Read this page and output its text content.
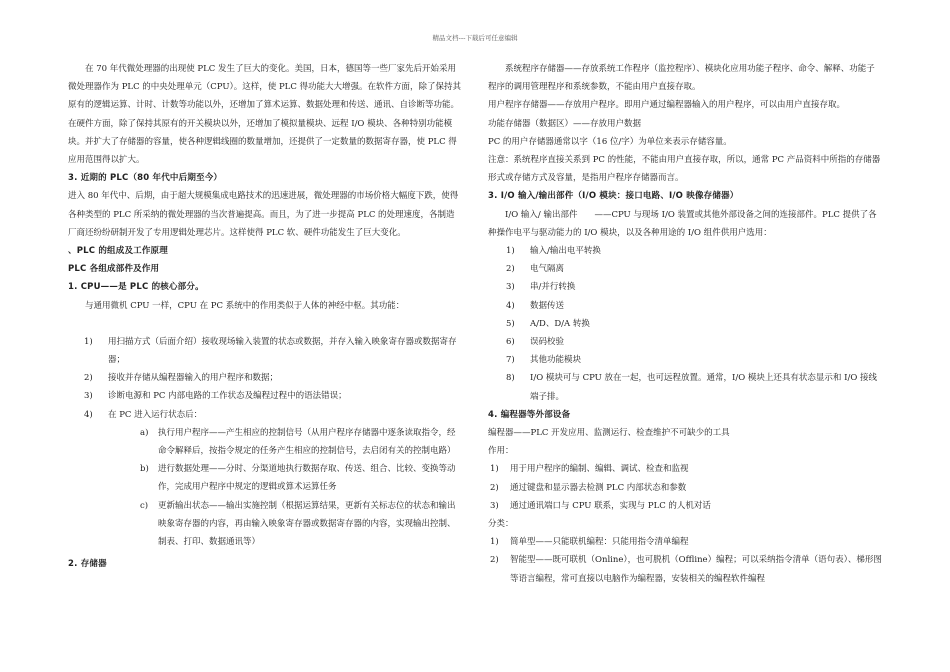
精品文档---下载后可任意编辑

在 70 年代微处理器的出现使 PLC 发生了巨大的变化。美国，日本，德国等一些厂家先后开始采用微处理器作为 PLC 的中央处理单元（CPU）。这样，使 PLC 得功能大大增强。在软件方面，除了保持其原有的逻辑运算、计时、计数等功能以外，还增加了算术运算、数据处理和传送、通讯、自诊断等功能。在硬件方面，除了保持其原有的开关模块以外，还增加了模拟量模块、远程 I/O 模块、各种特别功能模块。并扩大了存储器的容量，使各种逻辑线圈的数量增加，还提供了一定数量的数据寄存器，使 PLC 得应用范围得以扩大。

3. 近期的 PLC（80 年代中后期至今）

进入 80 年代中、后期，由于超大规模集成电路技术的迅速进展，微处理器的市场价格大幅度下跌，使得各种类型的 PLC 所采纳的微处理器的当次普遍提高。而且，为了进一步提高 PLC 的处理速度，各制造厂商还纷纷研制开发了专用逻辑处理芯片。这样使得 PLC 软、硬件功能发生了巨大变化。

、PLC 的组成及工作原理
PLC 各组成部件及作用
1. CPU——是 PLC 的核心部分。

与通用微机 CPU 一样，CPU 在 PC 系统中的作用类似于人体的神经中枢。其功能：

1)	用扫描方式（后面介绍）接收现场输入装置的状态或数据，并存入输入映象寄存器或数据寄存器；
2)	接收并存储从编程器输入的用户程序和数据；
3)	诊断电源和 PC 内部电路的工作状态及编程过程中的语法错误；
4)	在 PC 进入运行状态后：
a)	执行用户程序——产生相应的控制信号（从用户程序存储器中逐条读取指令，经命令解释后，按指令规定的任务产生相应的控制信号，去启闭有关的控制电路）
b)	进行数据处理——分时、分渠道地执行数据存取、传送、组合、比较、变换等动作，完成用户程序中规定的逻辑或算术运算任务
c)	更新输出状态——输出实施控制（根据运算结果，更新有关标志位的状态和输出映象寄存器的内容，再由输入映象寄存器或数据寄存器的内容，实现输出控制、制表、打印、数据通讯等）
2. 存储器

系统程序存储器——存放系统工作程序（监控程序）、模块化应用功能子程序、命令、解释、功能子程序的调用管理程序和系统参数，不能由用户直接存取。

用户程序存储器——存放用户程序。即用户通过编程器输入的用户程序，可以由用户直接存取。

功能存储器（数据区）——存放用户数据

PC 的用户存储器通常以字（16 位/字）为单位来表示存储容量。

注意：系统程序直接关系到 PC 的性能，不能由用户直接存取，所以，通常 PC 产品资料中所指的存储器形式或存储方式及容量，是指用户程序存储器而言。

3. I/O 输入/输出部件（I/O 模块：接口电路、I/O 映像存储器）

I/O 输入/ 输出部件　　——CPU 与现场 I/O 装置或其他外部设备之间的连接部件。PLC 提供了各种操作电平与驱动能力的 I/O 模块，以及各种用途的 I/O 组件供用户选用：

1)	输入/输出电平转换
2)	电气隔离
3)	串/并行转换
4)	数据传送
5)	A/D、D/A 转换
6)	误码校验
7)	其他功能模块
8)	I/O 模块可与 CPU 放在一起，也可远程放置。通常，I/O 模块上还具有状态显示和 I/O 接线端子排。
4. 编程器等外部设备

编程器——PLC 开发应用、监测运行、检查维护不可缺少的工具

作用：

1)	用于用户程序的编制、编辑、调试、检查和监视
2)	通过键盘和显示器去检测 PLC 内部状态和参数
3)	通过通讯端口与 CPU 联系，实现与 PLC 的人机对话

分类：

1)	简单型——只能联机编程：只能用指令清单编程
2)	智能型——既可联机（Online），也可脱机（Offline）编程；可以采纳指令清单（语句表）、梯形图等语言编程，常可直接以电脑作为编程器，安装相关的编程软件编程
